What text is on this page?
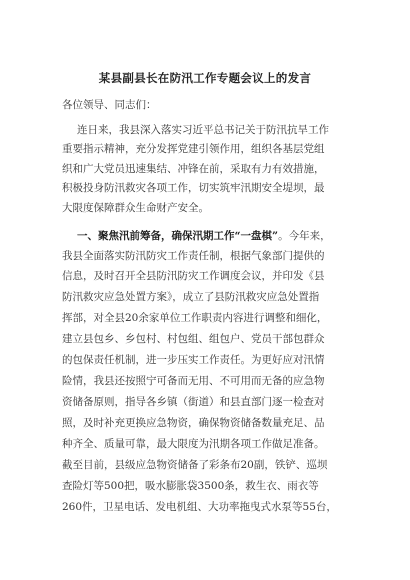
某县副县长在防汛工作专题会议上的发言
各位领导、同志们：
连日来，我县深入落实习近平总书记关于防汛抗旱工作
重要指示精神，充分发挥党建引领作用，组织各基层党组
织和广大党员迅速集结、冲锋在前，采取有力有效措施，
积极投身防汛救灾各项工作，切实筑牢汛期安全堤坝，最
大限度保障群众生命财产安全。
一、聚焦汛前筹备，确保汛期工作“一盘棋”。今年来，
我县全面落实防汛防灾工作责任制，根据气象部门提供的
信息，及时召开全县防汛防灾工作调度会议，并印发《县
防汛救灾应急处置方案》，成立了县防汛救灾应急处置指
挥部，对全县20余家单位工作职责内容进行调整和细化，
建立县包乡、乡包村、村包组、组包户、党员干部包群众
的包保责任机制，进一步压实工作责任。为更好应对汛情
险情，我县还按照宁可备而无用、不可用而无备的应急物
资储备原则，指导各乡镇（街道）和县直部门逐一检查对
照，及时补充更换应急物资，确保物资储备数量充足、品
种齐全、质量可靠，最大限度为汛期各项工作做足准备。
截至目前，县级应急物资储备了彩条布20副，铁铲、巡坝
查险灯等500把，吸水膨胀袋3500条，救生衣、雨衣等
260件，卫星电话、发电机组、大功率拖曳式水泵等55台，
